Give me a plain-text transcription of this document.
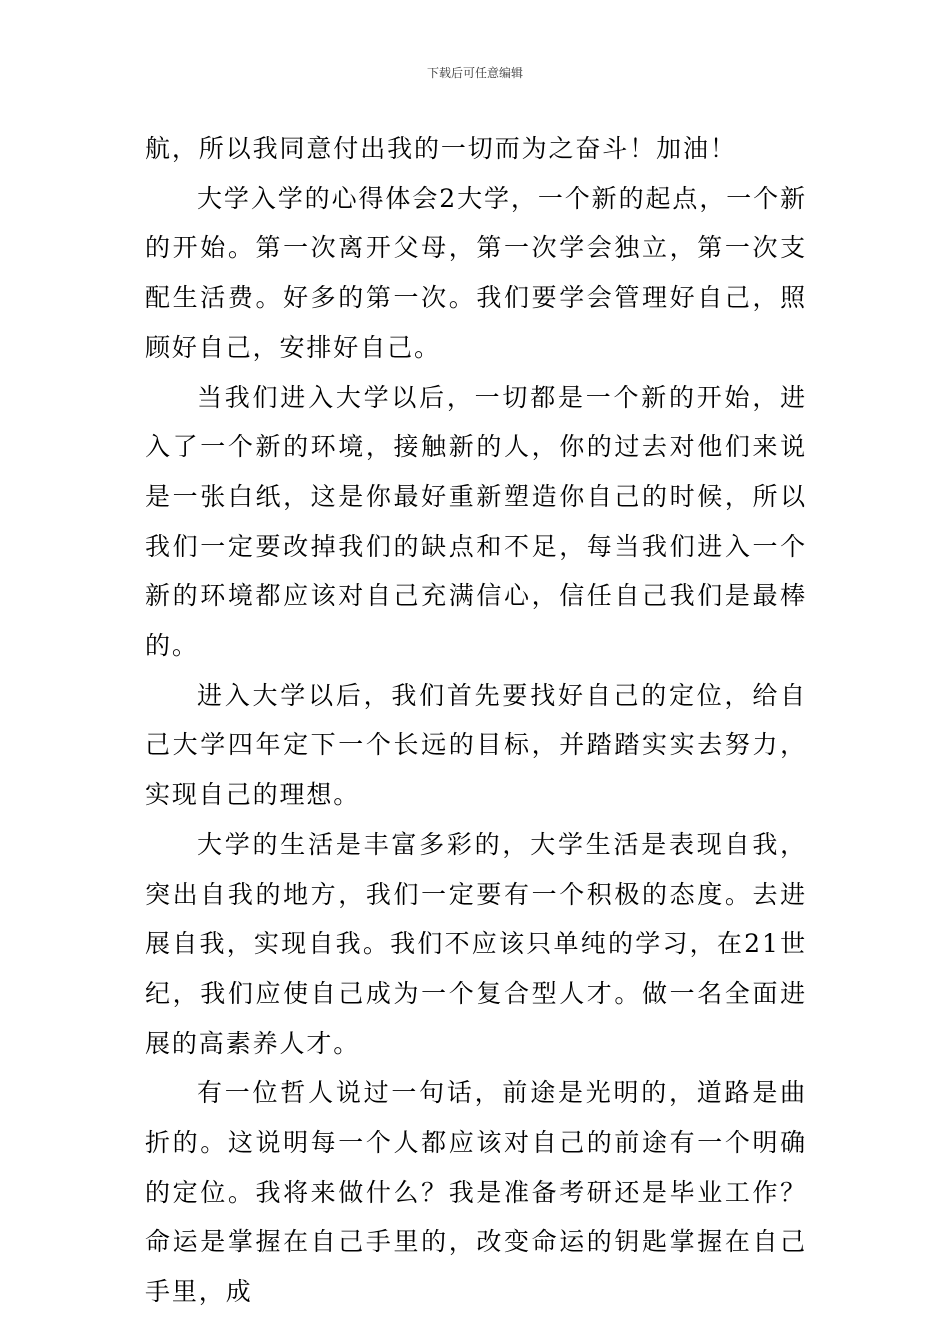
下载后可任意编辑

航，所以我同意付出我的一切而为之奋斗！加油！

大学入学的心得体会2大学，一个新的起点，一个新的开始。第一次离开父母，第一次学会独立，第一次支配生活费。好多的第一次。我们要学会管理好自己，照顾好自己，安排好自己。

当我们进入大学以后，一切都是一个新的开始，进入了一个新的环境，接触新的人，你的过去对他们来说是一张白纸，这是你最好重新塑造你自己的时候，所以我们一定要改掉我们的缺点和不足，每当我们进入一个新的环境都应该对自己充满信心，信任自己我们是最棒的。

进入大学以后，我们首先要找好自己的定位，给自己大学四年定下一个长远的目标，并踏踏实实去努力，实现自己的理想。

大学的生活是丰富多彩的，大学生活是表现自我，突出自我的地方，我们一定要有一个积极的态度。去进展自我，实现自我。我们不应该只单纯的学习，在21世纪，我们应使自己成为一个复合型人才。做一名全面进展的高素养人才。

有一位哲人说过一句话，前途是光明的，道路是曲折的。这说明每一个人都应该对自己的前途有一个明确的定位。我将来做什么？我是准备考研还是毕业工作？命运是掌握在自己手里的，改变命运的钥匙掌握在自己手里，成
